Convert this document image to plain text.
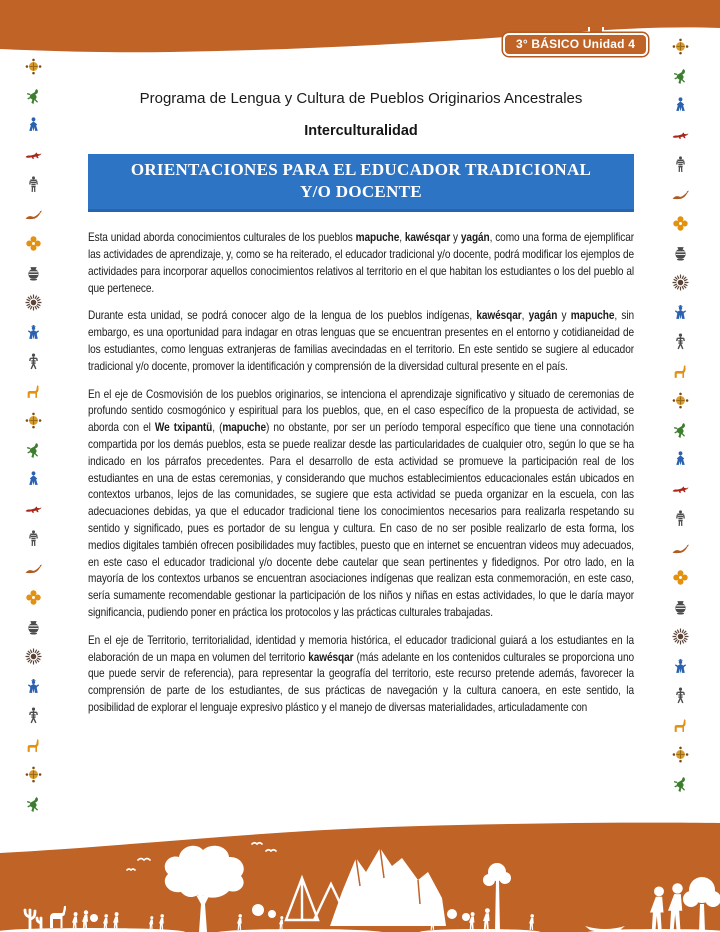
3° BÁSICO Unidad 4
Programa de Lengua y Cultura de Pueblos Originarios Ancestrales
Interculturalidad
ORIENTACIONES PARA EL EDUCADOR TRADICIONAL Y/O DOCENTE

Esta unidad aborda conocimientos culturales de los pueblos mapuche, kawésqar y yagán, como una forma de ejemplificar las actividades de aprendizaje, y, como se ha reiterado, el educador tradicional y/o docente, podrá modificar los ejemplos de actividades para incorporar aquellos conocimientos relativos al territorio en el que habitan los estudiantes o los del pueblo al que pertenece.

Durante esta unidad, se podrá conocer algo de la lengua de los pueblos indígenas, kawésqar, yagán y mapuche, sin embargo, es una oportunidad para indagar en otras lenguas que se encuentran presentes en el entorno y cotidianeidad de los estudiantes, como lenguas extranjeras de familias avecindadas en el territorio. En este sentido se sugiere al educador tradicional y/o docente, promover la identificación y comprensión de la diversidad cultural presente en el país.

En el eje de Cosmovisión de los pueblos originarios, se intenciona el aprendizaje significativo y situado de ceremonias de profundo sentido cosmogónico y espiritual para los pueblos, que, en el caso específico de la propuesta de actividad, se aborda con el We txipantü, (mapuche) no obstante, por ser un período temporal específico que tiene una connotación compartida por los demás pueblos, esta se puede realizar desde las particularidades de cualquier otro, según lo que se ha indicado en los párrafos precedentes. Para el desarrollo de esta actividad se promueve la participación real de los estudiantes en una de estas ceremonias, y considerando que muchos establecimientos educacionales están ubicados en contextos urbanos, lejos de las comunidades, se sugiere que esta actividad se pueda organizar en la escuela, con las adecuaciones debidas, ya que el educador tradicional tiene los conocimientos necesarios para realizarla respetando su sentido y significado, pues es portador de su lengua y cultura. En caso de no ser posible realizarlo de esta forma, los medios digitales también ofrecen posibilidades muy factibles, puesto que en internet se encuentran videos muy adecuados, en este caso el educador tradicional y/o docente debe cautelar que sean pertinentes y fidedignos. Por otro lado, en la mayoría de los contextos urbanos se encuentran asociaciones indígenas que realizan esta conmemoración, en este caso, sería sumamente recomendable gestionar la participación de los niños y niñas en estas actividades, lo que le daría mayor significancia, pudiendo poner en práctica los protocolos y las prácticas culturales trabajadas.

En el eje de Territorio, territorialidad, identidad y memoria histórica, el educador tradicional guiará a los estudiantes en la elaboración de un mapa en volumen del territorio kawésqar (más adelante en los contenidos culturales se proporciona uno que puede servir de referencia), para representar la geografía del territorio, este recurso pretende además, favorecer la comprensión de parte de los estudiantes, de sus prácticas de navegación y la cultura canoera, en este sentido, la posibilidad de explorar el lenguaje expresivo plástico y el manejo de diversas materialidades, articuladamente con
